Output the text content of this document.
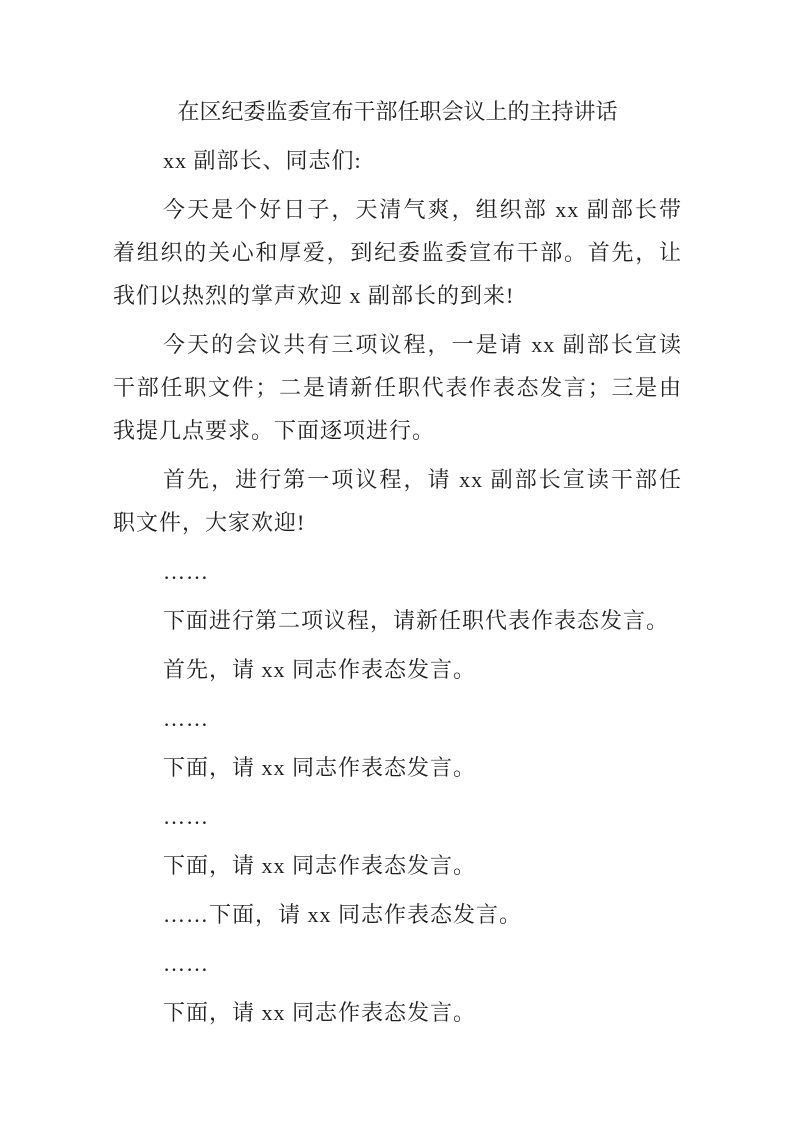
在区纪委监委宣布干部任职会议上的主持讲话

xx 副部长、同志们:

今天是个好日子，天清气爽，组织部 xx 副部长带着组织的关心和厚爱，到纪委监委宣布干部。首先，让我们以热烈的掌声欢迎 x 副部长的到来!

今天的会议共有三项议程，一是请 xx 副部长宣读干部任职文件；二是请新任职代表作表态发言；三是由我提几点要求。下面逐项进行。

首先，进行第一项议程，请 xx 副部长宣读干部任职文件，大家欢迎!

……

下面进行第二项议程，请新任职代表作表态发言。

首先，请 xx 同志作表态发言。

……

下面，请 xx 同志作表态发言。

……

下面，请 xx 同志作表态发言。

……下面，请 xx 同志作表态发言。

……

下面，请 xx 同志作表态发言。
